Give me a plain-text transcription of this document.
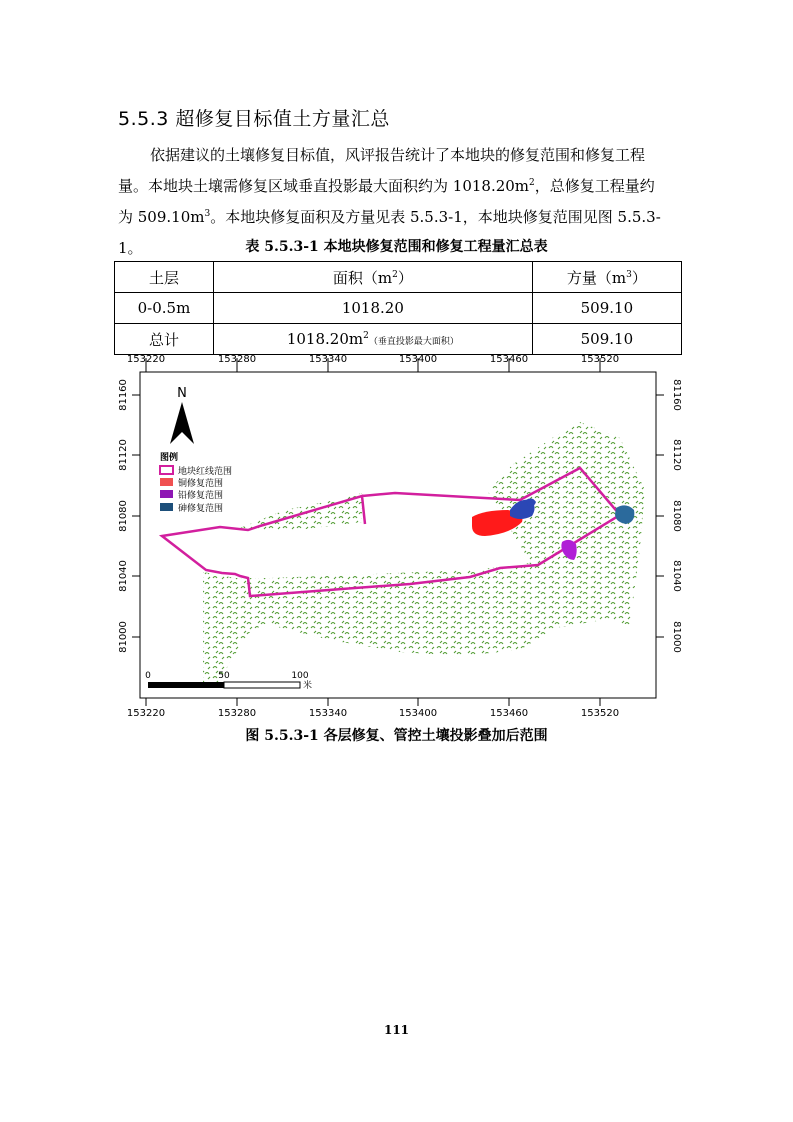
5.5.3 超修复目标值土方量汇总
依据建议的土壤修复目标值，风评报告统计了本地块的修复范围和修复工程
量。本地块土壤需修复区域垂直投影最大面积约为 $1018.20m^2$，总修复工程量约
为 $509.10m^3$。本地块修复面积及方量见表 5.5.3-1，本地块修复范围见图 5.5.3-1。	表 5.5.3-1 本地块修复范围和修复工程量汇总表
土层	面积$(m^2)$	方量$(m^3)$
0-0.5m	1018.20	509.10
总计	$1018.20m^2$（垂直投影最大面积）	509.10
153220	153280	153340	153400	153460	153520
153220	153280	153340	153400	153460	153520
81160
81120
81080
81040
81000
81160
81120
81080
81040
81000
N
图例
地块红线范围
铜修复范围
铅修复范围
砷修复范围
0	50	100
米
图 5.5.3-1 各层修复、管控土壤投影叠加后范围
111
